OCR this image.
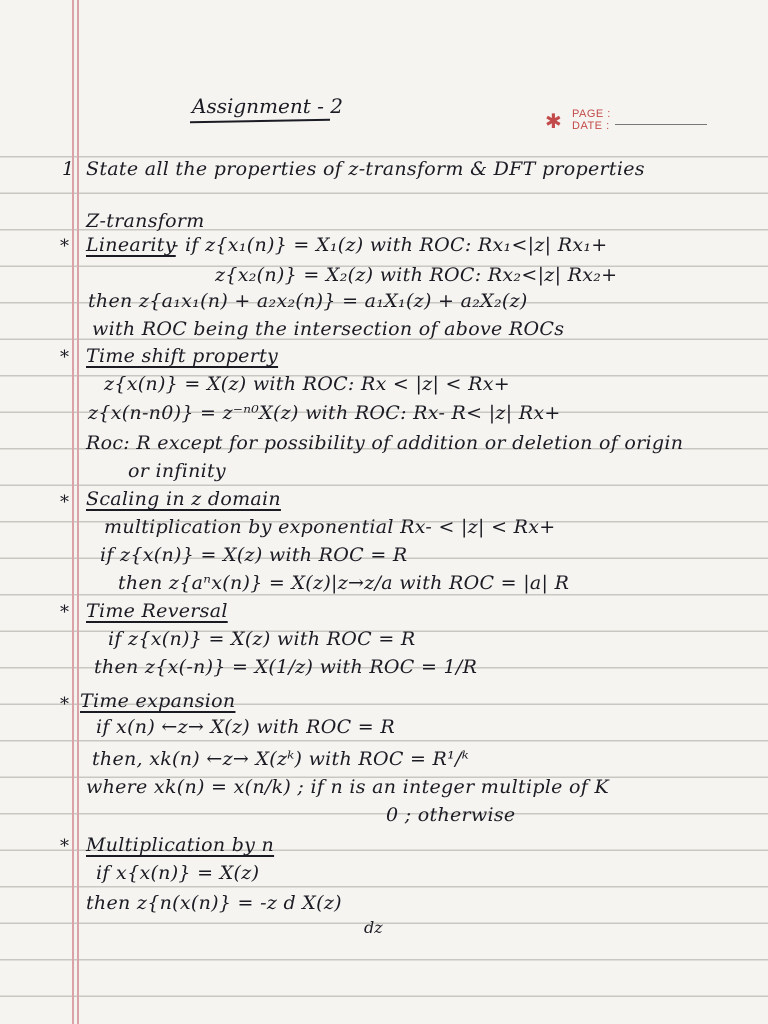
Assignment - 2
✱ PAGE :
DATE :
1 State all the properties of z-transform & DFT properties
Z-transform
* Linearity
- if z{x₁(n)} = X₁(z) with ROC: Rx₁<|z| Rx₁+
z{x₂(n)} = X₂(z) with ROC: Rx₂<|z| Rx₂+
then z{a₁x₁(n) + a₂x₂(n)} = a₁X₁(z) + a₂X₂(z)
with ROC being the intersection of above ROCs
* Time shift property
z{x(n)} = X(z) with ROC: Rx < |z| < Rx+
z{x(n-n0)} = z⁻ⁿ⁰X(z) with ROC: Rx- R< |z| Rx+
Roc: R except for possibility of addition or deletion of origin
or infinity
* Scaling in z domain
multiplication by exponential Rx- < |z| < Rx+
if z{x(n)} = X(z) with ROC = R
then z{aⁿx(n)} = X(z)|z→z/a with ROC = |a| R
* Time Reversal
if z{x(n)} = X(z) with ROC = R
then z{x(-n)} = X(1/z) with ROC = 1/R
* Time expansion
if x(n) ←z→ X(z) with ROC = R
then, xk(n) ←z→ X(zᵏ) with ROC = R¹/ᵏ
where xk(n) = x(n/k) ; if n is an integer multiple of K
0 ; otherwise
* Multiplication by n
if x{x(n)} = X(z)
then z{n(x(n)} = -z d X(z)
dz
